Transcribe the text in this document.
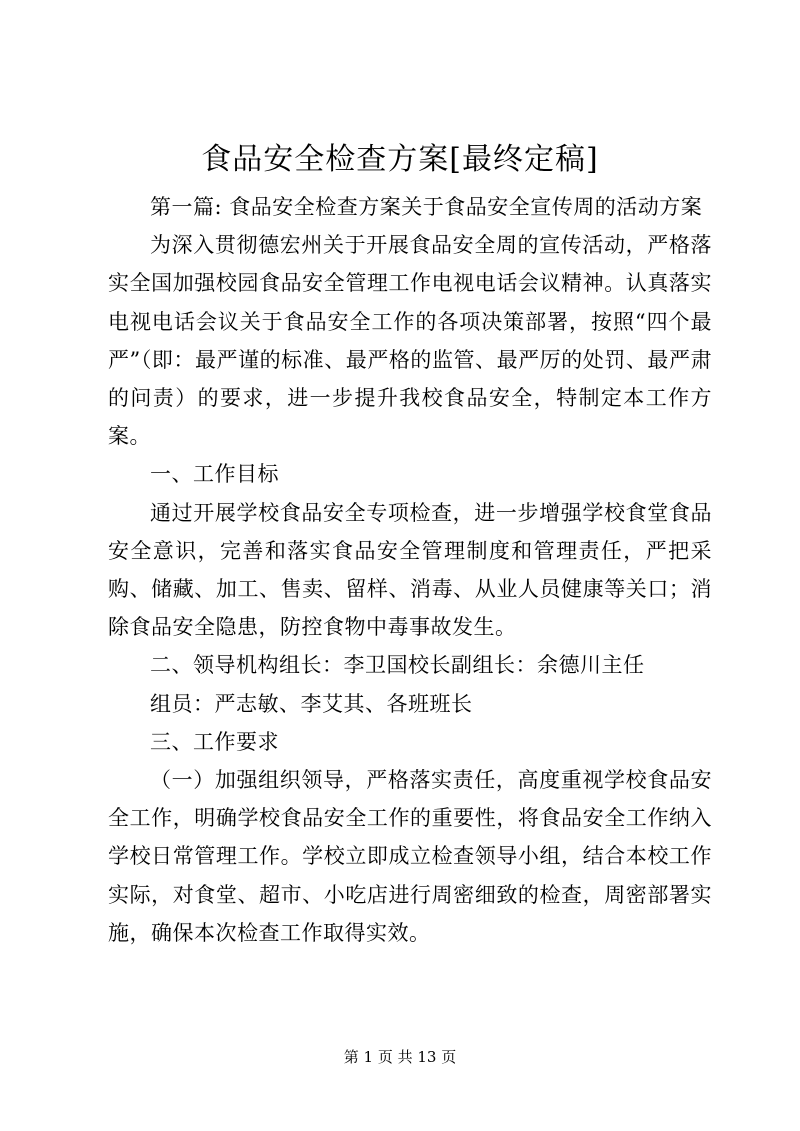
食品安全检查方案[最终定稿]

第一篇: 食品安全检查方案关于食品安全宣传周的活动方案

为深入贯彻德宏州关于开展食品安全周的宣传活动，严格落实全国加强校园食品安全管理工作电视电话会议精神。认真落实电视电话会议关于食品安全工作的各项决策部署，按照“四个最严”（即：最严谨的标准、最严格的监管、最严厉的处罚、最严肃的问责）的要求，进一步提升我校食品安全，特制定本工作方案。

一、工作目标

通过开展学校食品安全专项检查，进一步增强学校食堂食品安全意识，完善和落实食品安全管理制度和管理责任，严把采购、储藏、加工、售卖、留样、消毒、从业人员健康等关口；消除食品安全隐患，防控食物中毒事故发生。

二、领导机构组长：李卫国校长副组长：余德川主任

组员：严志敏、李艾其、各班班长

三、工作要求

（一）加强组织领导，严格落实责任，高度重视学校食品安全工作，明确学校食品安全工作的重要性，将食品安全工作纳入学校日常管理工作。学校立即成立检查领导小组，结合本校工作实际，对食堂、超市、小吃店进行周密细致的检查，周密部署实施，确保本次检查工作取得实效。

第 1 页 共 13 页
